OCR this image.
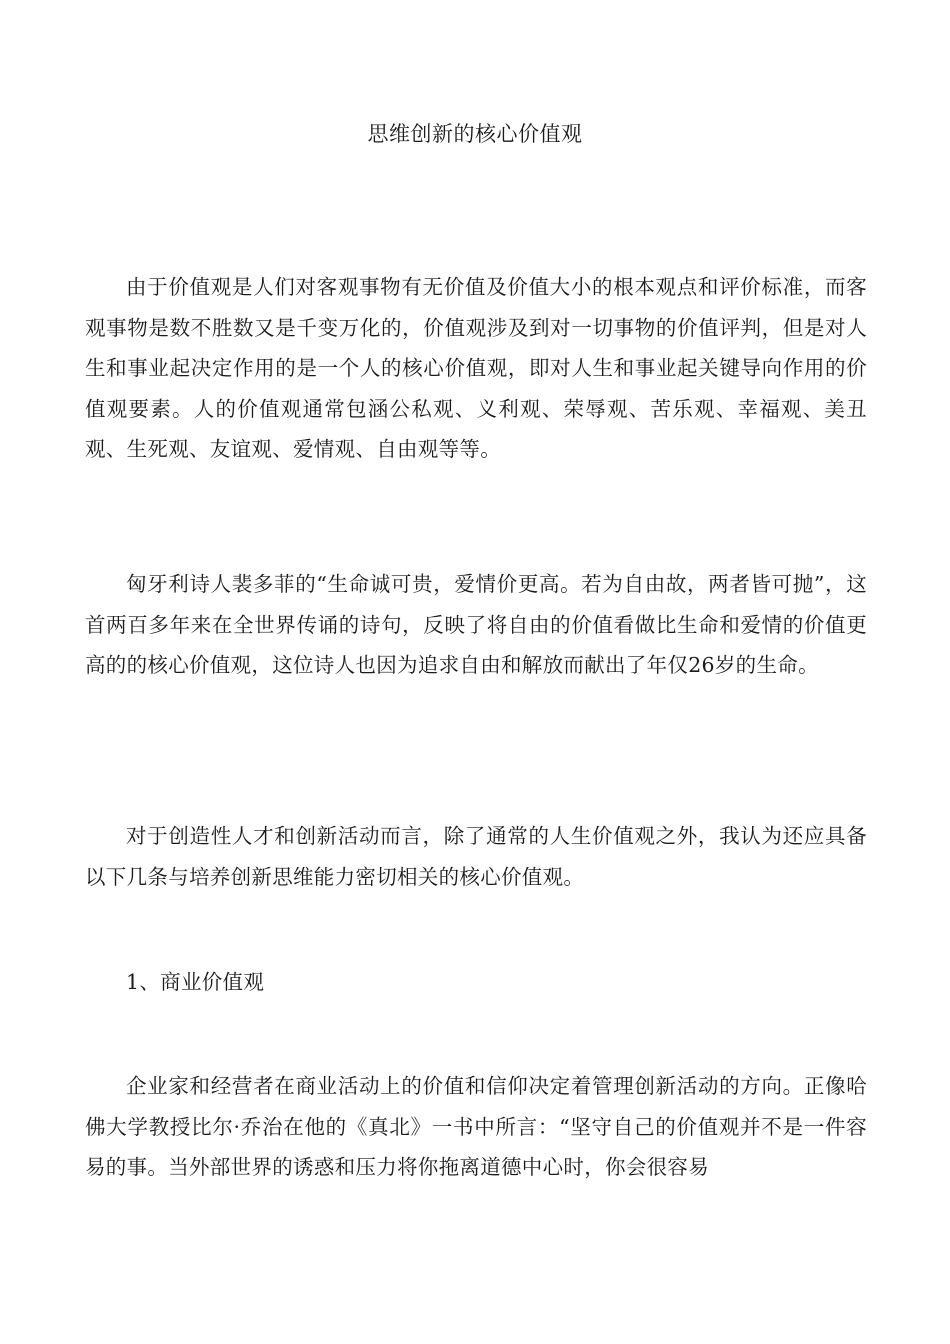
思维创新的核心价值观

由于价值观是人们对客观事物有无价值及价值大小的根本观点和评价标准，而客观事物是数不胜数又是千变万化的，价值观涉及到对一切事物的价值评判，但是对人生和事业起决定作用的是一个人的核心价值观，即对人生和事业起关键导向作用的价值观要素。人的价值观通常包涵公私观、义利观、荣辱观、苦乐观、幸福观、美丑观、生死观、友谊观、爱情观、自由观等等。

匈牙利诗人裴多菲的“生命诚可贵，爱情价更高。若为自由故，两者皆可抛”，这首两百多年来在全世界传诵的诗句，反映了将自由的价值看做比生命和爱情的价值更高的的核心价值观，这位诗人也因为追求自由和解放而献出了年仅26岁的生命。

对于创造性人才和创新活动而言，除了通常的人生价值观之外，我认为还应具备以下几条与培养创新思维能力密切相关的核心价值观。

1、商业价值观

企业家和经营者在商业活动上的价值和信仰决定着管理创新活动的方向。正像哈佛大学教授比尔·乔治在他的《真北》一书中所言：“坚守自己的价值观并不是一件容易的事。当外部世界的诱惑和压力将你拖离道德中心时，你会很容易
